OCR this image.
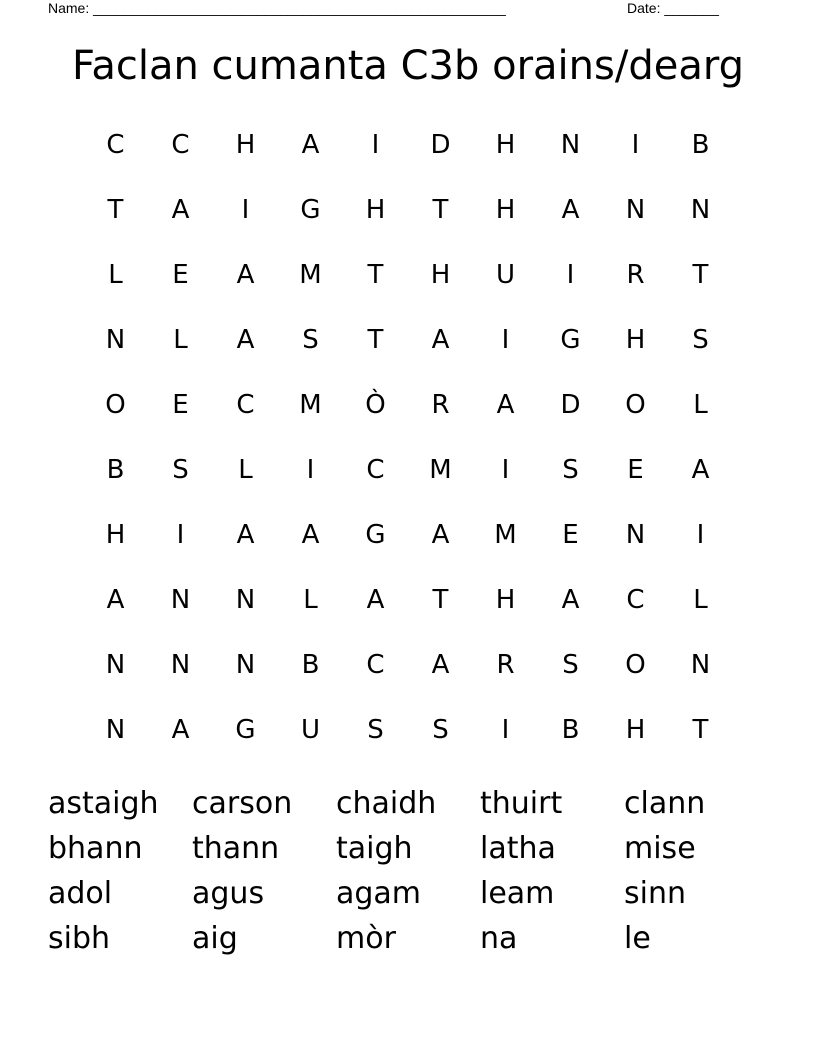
Name: _____________________________________________________	Date: _______
Faclan cumanta C3b orains/dearg
C	C	H	A	I	D	H	N	I	B
T	A	I	G	H	T	H	A	N	N
L	E	A	M	T	H	U	I	R	T
N	L	A	S	T	A	I	G	H	S
O	E	C	M	Ò	R	A	D	O	L
B	S	L	I	C	M	I	S	E	A
H	I	A	A	G	A	M	E	N	I
A	N	N	L	A	T	H	A	C	L
N	N	N	B	C	A	R	S	O	N
N	A	G	U	S	S	I	B	H	T
astaigh	carson	chaidh	thuirt	clann
bhann	thann	taigh	latha	mise
adol	agus	agam	leam	sinn
sibh	aig	mòr	na	le
